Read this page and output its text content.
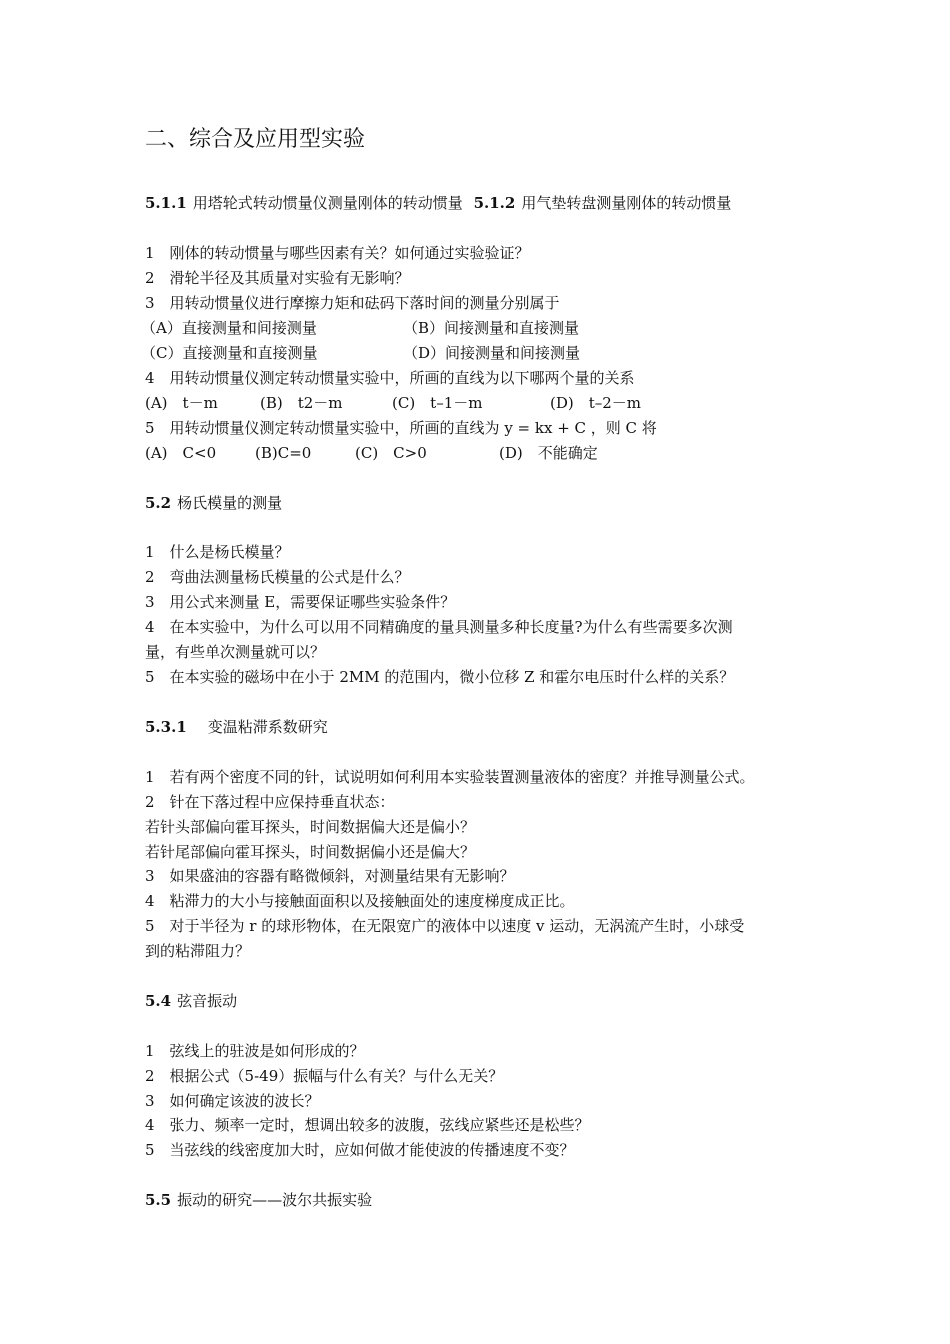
二、综合及应用型实验
5.1.1 用塔轮式转动惯量仪测量刚体的转动惯量 5.1.2 用气垫转盘测量刚体的转动惯量
1　刚体的转动惯量与哪些因素有关？如何通过实验验证？
2　滑轮半径及其质量对实验有无影响？
3　用转动惯量仪进行摩擦力矩和砝码下落时间的测量分别属于
（A）直接测量和间接测量	（B）间接测量和直接测量
（C）直接测量和直接测量	（D）间接测量和间接测量
4　用转动惯量仪测定转动惯量实验中，所画的直线为以下哪两个量的关系
(A)　t－m	(B)　t2－m	(C)　t–1－m	(D)　t–2－m
5　用转动惯量仪测定转动惯量实验中，所画的直线为 y = kx + C ，则 C 将
(A)　C<0	(B)C=0	(C)　C>0	(D)　不能确定
5.2 杨氏模量的测量
1　什么是杨氏模量？
2　弯曲法测量杨氏模量的公式是什么？
3　用公式来测量 E，需要保证哪些实验条件？
4　在本实验中，为什么可以用不同精确度的量具测量多种长度量?为什么有些需要多次测
量，有些单次测量就可以？
5　在本实验的磁场中在小于 2MM 的范围内，微小位移 Z 和霍尔电压时什么样的关系？
5.3.1　变温粘滞系数研究
1　若有两个密度不同的针，试说明如何利用本实验装置测量液体的密度？并推导测量公式。
2　针在下落过程中应保持垂直状态：
若针头部偏向霍耳探头，时间数据偏大还是偏小？
若针尾部偏向霍耳探头，时间数据偏小还是偏大？
3　如果盛油的容器有略微倾斜，对测量结果有无影响？
4　粘滞力的大小与接触面面积以及接触面处的速度梯度成正比。
5　对于半径为 r 的球形物体，在无限宽广的液体中以速度 v 运动，无涡流产生时，小球受
到的粘滞阻力？
5.4 弦音振动
1　弦线上的驻波是如何形成的？
2　根据公式（5-49）振幅与什么有关？与什么无关？
3　如何确定该波的波长？
4　张力、频率一定时，想调出较多的波腹，弦线应紧些还是松些？
5　当弦线的线密度加大时，应如何做才能使波的传播速度不变？
5.5 振动的研究——波尔共振实验
